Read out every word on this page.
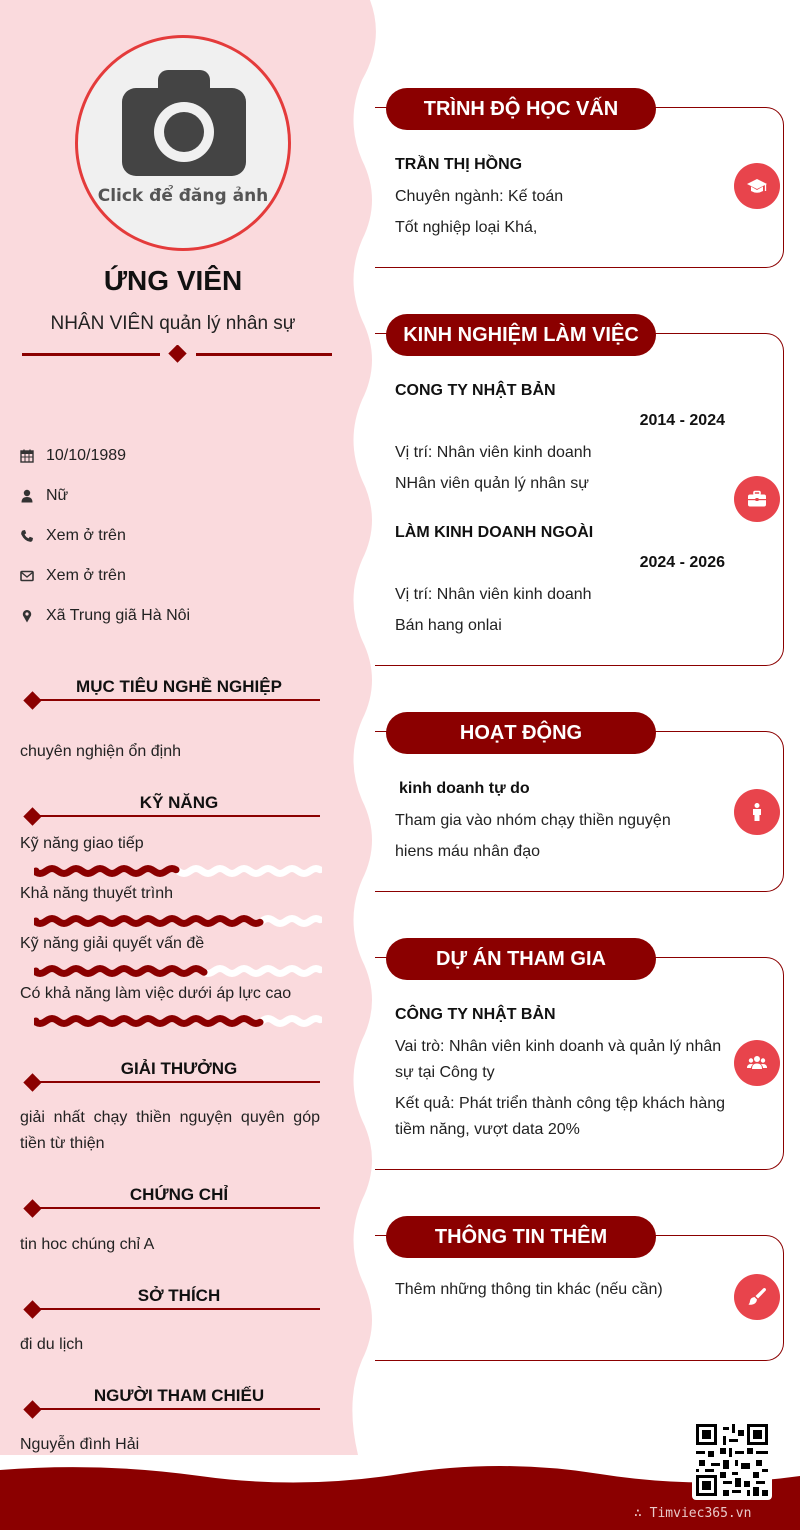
Click để đăng ảnh
ỨNG VIÊN
NHÂN VIÊN quản lý nhân sự
10/10/1989
Nữ
Xem ở trên
Xem ở trên
Xã Trung giã Hà Nôi
MỤC TIÊU NGHỀ NGHIỆP
chuyên nghiện ổn định
KỸ NĂNG
Kỹ năng giao tiếp
Khả năng thuyết trình
Kỹ năng giải quyết vấn đề
Có khả năng làm việc dưới áp lực cao
GIẢI THƯỞNG
giải nhất chạy thiền nguyện quyên góp tiền từ thiện
CHỨNG CHỈ
tin hoc chúng chỉ A
SỞ THÍCH
đi du lịch
NGƯỜI THAM CHIẾU
Nguyễn đình Hải
TRÌNH ĐỘ HỌC VẤN
TRẦN THỊ HỒNG
Chuyên ngành: Kế toán
Tốt nghiệp loại Khá,
KINH NGHIỆM LÀM VIỆC
CONG TY NHẬT BẢN
2014 - 2024
Vị trí: Nhân viên kinh doanh
NHân viên quản lý nhân sự
LÀM KINH DOANH NGOÀI
2024 - 2026
Vị trí: Nhân viên kinh doanh
Bán hang onlai
HOẠT ĐỘNG
kinh doanh tự do
Tham gia vào nhóm chạy thiền nguyện
hiens máu nhân đạo
DỰ ÁN THAM GIA
CÔNG TY NHẬT BẢN
Vai trò: Nhân viên kinh doanh và quản lý nhân sự tại Công ty
Kết quả: Phát triển thành công tệp khách hàng tiềm năng, vượt data 20%
THÔNG TIN THÊM
Thêm những thông tin khác (nếu cần)
∴ Timviec365.vn
